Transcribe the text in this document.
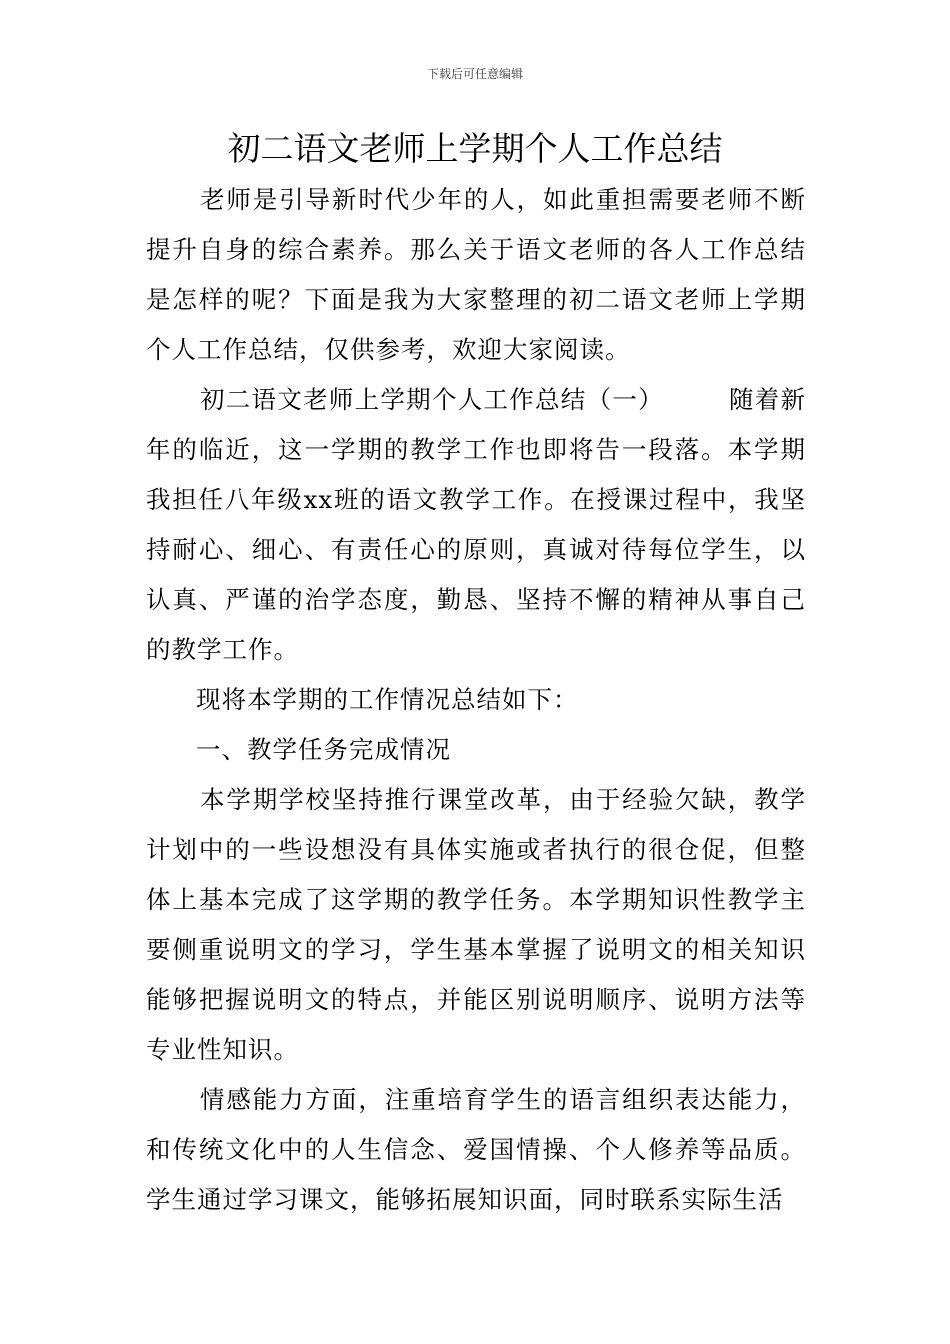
下载后可任意编辑
初二语文老师上学期个人工作总结

老师是引导新时代少年的人，如此重担需要老师不断提升自身的综合素养。那么关于语文老师的各人工作总结是怎样的呢？下面是我为大家整理的初二语文老师上学期个人工作总结，仅供参考，欢迎大家阅读。

初二语文老师上学期个人工作总结（一）　　　随着新年的临近，这一学期的教学工作也即将告一段落。本学期我担任八年级xx班的语文教学工作。在授课过程中，我坚持耐心、细心、有责任心的原则，真诚对待每位学生，以认真、严谨的治学态度，勤恳、坚持不懈的精神从事自己的教学工作。

现将本学期的工作情况总结如下：

一、教学任务完成情况

本学期学校坚持推行课堂改革，由于经验欠缺，教学计划中的一些设想没有具体实施或者执行的很仓促，但整体上基本完成了这学期的教学任务。本学期知识性教学主要侧重说明文的学习，学生基本掌握了说明文的相关知识能够把握说明文的特点，并能区别说明顺序、说明方法等专业性知识。

情感能力方面，注重培育学生的语言组织表达能力，和传统文化中的人生信念、爱国情操、个人修养等品质。学生通过学习课文，能够拓展知识面，同时联系实际生活
